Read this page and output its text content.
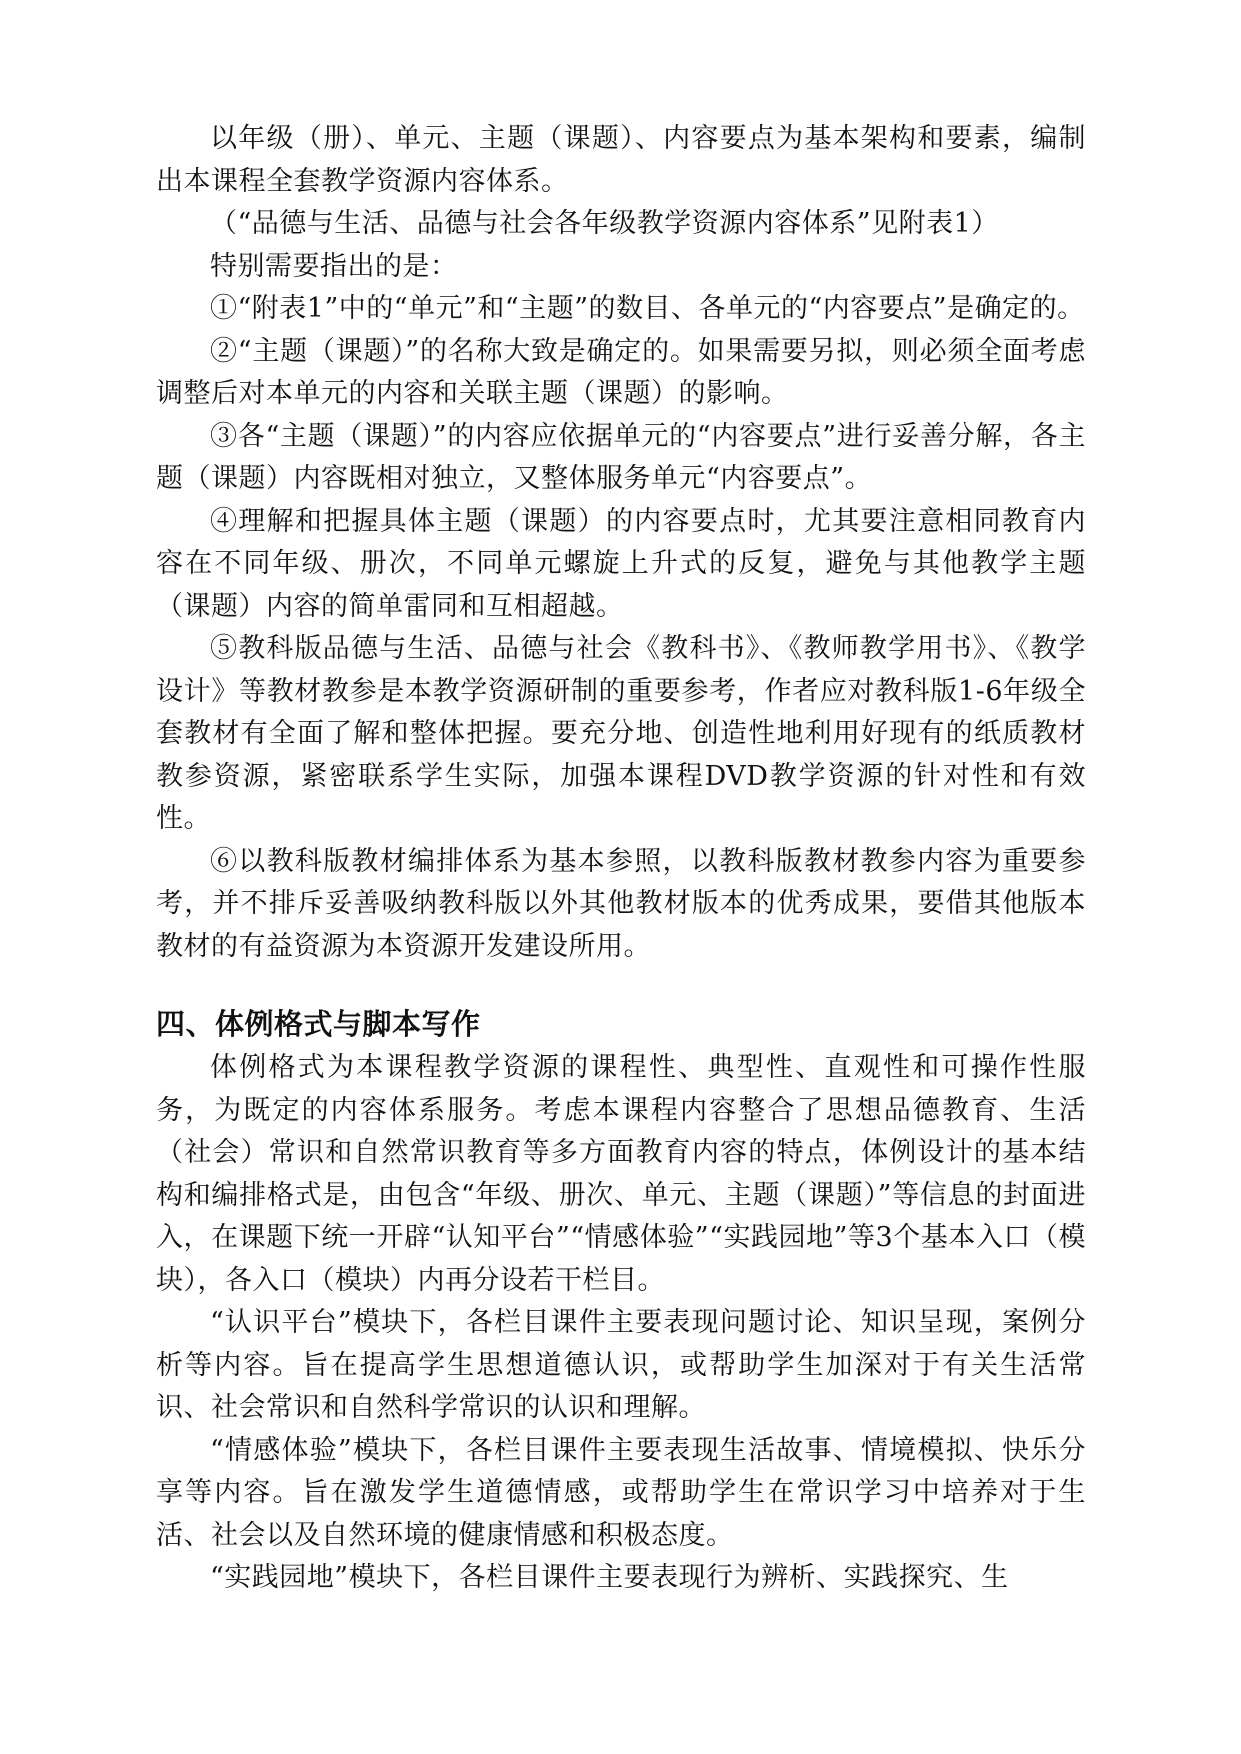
以年级（册）、单元、主题（课题）、内容要点为基本架构和要素，编制出本课程全套教学资源内容体系。

（“品德与生活、品德与社会各年级教学资源内容体系”见附表1）

特别需要指出的是：

①“附表1”中的“单元”和“主题”的数目、各单元的“内容要点”是确定的。

②“主题（课题）”的名称大致是确定的。如果需要另拟，则必须全面考虑调整后对本单元的内容和关联主题（课题）的影响。

③各“主题（课题）”的内容应依据单元的“内容要点”进行妥善分解，各主题（课题）内容既相对独立，又整体服务单元“内容要点”。

④理解和把握具体主题（课题）的内容要点时，尤其要注意相同教育内容在不同年级、册次，不同单元螺旋上升式的反复，避免与其他教学主题（课题）内容的简单雷同和互相超越。

⑤教科版品德与生活、品德与社会《教科书》、《教师教学用书》、《教学设计》等教材教参是本教学资源研制的重要参考，作者应对教科版1-6年级全套教材有全面了解和整体把握。要充分地、创造性地利用好现有的纸质教材教参资源，紧密联系学生实际，加强本课程DVD教学资源的针对性和有效性。

⑥以教科版教材编排体系为基本参照，以教科版教材教参内容为重要参考，并不排斥妥善吸纳教科版以外其他教材版本的优秀成果，要借其他版本教材的有益资源为本资源开发建设所用。

四、体例格式与脚本写作

体例格式为本课程教学资源的课程性、典型性、直观性和可操作性服务，为既定的内容体系服务。考虑本课程内容整合了思想品德教育、生活（社会）常识和自然常识教育等多方面教育内容的特点，体例设计的基本结构和编排格式是，由包含“年级、册次、单元、主题（课题）”等信息的封面进入，在课题下统一开辟“认知平台”“情感体验”“实践园地”等3个基本入口（模块），各入口（模块）内再分设若干栏目。

“认识平台”模块下，各栏目课件主要表现问题讨论、知识呈现，案例分析等内容。旨在提高学生思想道德认识，或帮助学生加深对于有关生活常识、社会常识和自然科学常识的认识和理解。

“情感体验”模块下，各栏目课件主要表现生活故事、情境模拟、快乐分享等内容。旨在激发学生道德情感，或帮助学生在常识学习中培养对于生活、社会以及自然环境的健康情感和积极态度。

“实践园地”模块下，各栏目课件主要表现行为辨析、实践探究、生
